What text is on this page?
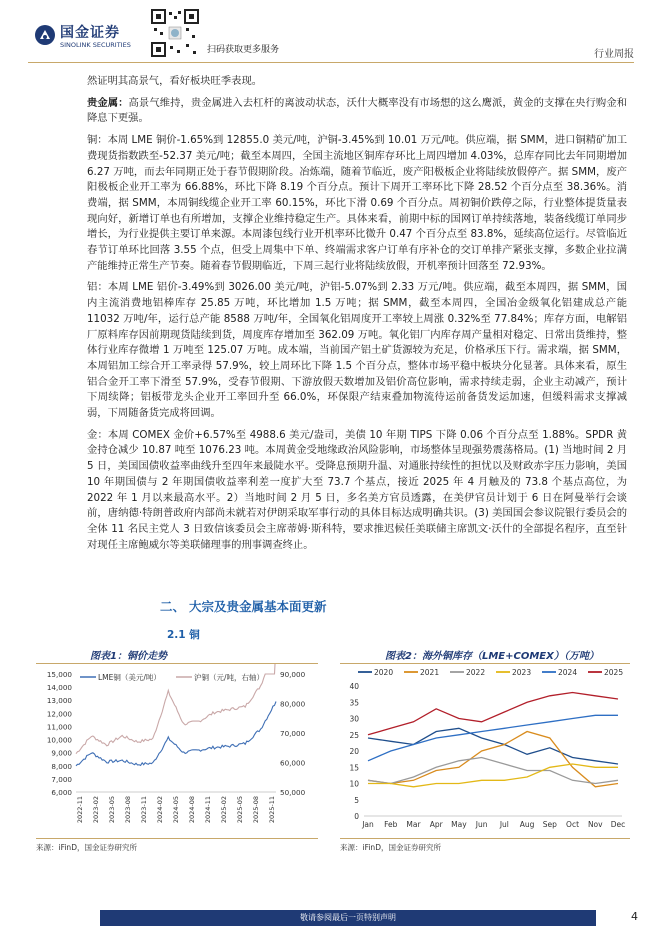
国金证券
SINOLINK SECURITIES	扫码获取更多服务	行业周报

然证明其高景气，看好板块旺季表现。

贵金属：高景气维持，贵金属进入去杠杆的离波动状态，沃什大概率没有市场想的这么鹰派，黄金的支撑在央行购金和降息下更强。

铜：本周 LME 铜价-1.65%到 12855.0 美元/吨，沪铜-3.45%到 10.01 万元/吨。供应端，据 SMM，进口铜精矿加工费现货指数跌至-52.37 美元/吨；截至本周四，全国主流地区铜库存环比上周四增加 4.03%，总库存同比去年同期增加 6.27 万吨，而去年同期正处于春节假期阶段。冶炼端，随着节临近，废产阳极板企业将陆续放假停产。据 SMM，废产阳极板企业开工率为 66.88%，环比下降 8.19 个百分点。预计下周开工率环比下降 28.52 个百分点至 38.36%。消费端，据 SMM，本周铜线缆企业开工率 60.15%，环比下滑 0.69 个百分点。周初铜价跌停之际，行业整体提货量表现向好，新增订单也有所增加，支撑企业维持稳定生产。具体来看，前期中标的国网订单持续落地，装备线缆订单同步增长，为行业提供主要订单来源。本周漆包线行业开机率环比微升 0.47 个百分点至 83.8%，延续高位运行。尽管临近春节订单环比回落 3.55 个点，但受上周集中下单、终端需求客户订单有序补仓的交订单排产紧张支撑，多数企业拉满产能维持正常生产节奏。随着春节假期临近，下周三起行业将陆续放假，开机率预计回落至 72.93%。

铝：本周 LME 铝价-3.49%到 3026.00 美元/吨，沪铝-5.07%到 2.33 万元/吨。供应端，截至本周四，据 SMM，国内主流消费地铝棒库存 25.85 万吨，环比增加 1.5 万吨；据 SMM，截至本周四，全国冶金级氧化铝建成总产能 11032 万吨/年，运行总产能 8588 万吨/年，全国氧化铝周度开工率较上周涨 0.32%至 77.84%；库存方面，电解铝厂原料库存因前期现货陆续到货，周度库存增加至 362.09 万吨。氧化铝厂内库存周产量相对稳定、日常出货维持，整体行业库存微增 1 万吨至 125.07 万吨。成本端，当前国产铝土矿货源较为充足，价格承压下行。需求端，据 SMM，本周铝加工综合开工率录得 57.9%，较上周环比下降 1.5 个百分点，整体市场平稳中板块分化显著。具体来看，原生铝合金开工率下滑至 57.9%，受春节假期、下游放假天数增加及铝价高位影响，需求持续走弱，企业主动减产，预计下周续降；铝板带龙头企业开工率回升至 66.0%，环保限产结束叠加物流待运前备货发运加速，但缓料需求支撑减弱，下周随备货完成将回调。

金：本周 COMEX 金价+6.57%至 4988.6 美元/盎司，美债 10 年期 TIPS 下降 0.06 个百分点至 1.88%。SPDR 黄金持仓减少 10.87 吨至 1076.23 吨。本周黄金受地缘政治风险影响，市场整体呈现强势震荡格局。(1) 当地时间 2 月 5 日，美国国债收益率曲线升至四年来最陡水平。受降息预期升温、对通胀持续性的担忧以及财政赤字压力影响，美国 10 年期国债与 2 年期国债收益率利差一度扩大至 73.7 个基点，接近 2025 年 4 月触及的 73.8 个基点高位，为 2022 年 1 月以来最高水平。2）当地时间 2 月 5 日，多名美方官员透露，在美伊官员计划于 6 日在阿曼举行会谈前，唐纳德·特朗普政府内部尚未就若对伊朗采取军事行动的具体目标达成明确共识。(3) 美国国会参议院银行委员会的全体 11 名民主党人 3 日致信该委员会主席蒂姆·斯科特，要求推迟候任美联储主席凯文·沃什的全部提名程序，直至针对现任主席鲍威尔等美联储理事的刑事调查终止。

二、 大宗及贵金属基本面更新
2.1 铜
图表1：铜价走势
15,000
14,000
13,000
12,000
11,000
10,000
9,000
8,000
7,000
6,000
90,000
80,000
70,000
60,000
50,000
2022-11 2023-02 2023-05 2023-08 2023-11 2024-02 2024-05 2024-08 2024-11 2025-02 2025-05 2025-08 2025-11
LME铜（美元/吨）	沪铜（元/吨，右轴）
来源：iFinD，国金证券研究所
图表2：海外铜库存（LME+COMEX）（万吨）
40
35
30
25
20
15
10
5
0
Jan Feb Mar Apr May Jun Jul Aug Sep Oct Nov Dec
2020	2021	2022	2023	2024	2025
来源：iFinD，国金证券研究所
敬请参阅最后一页特别声明	4
